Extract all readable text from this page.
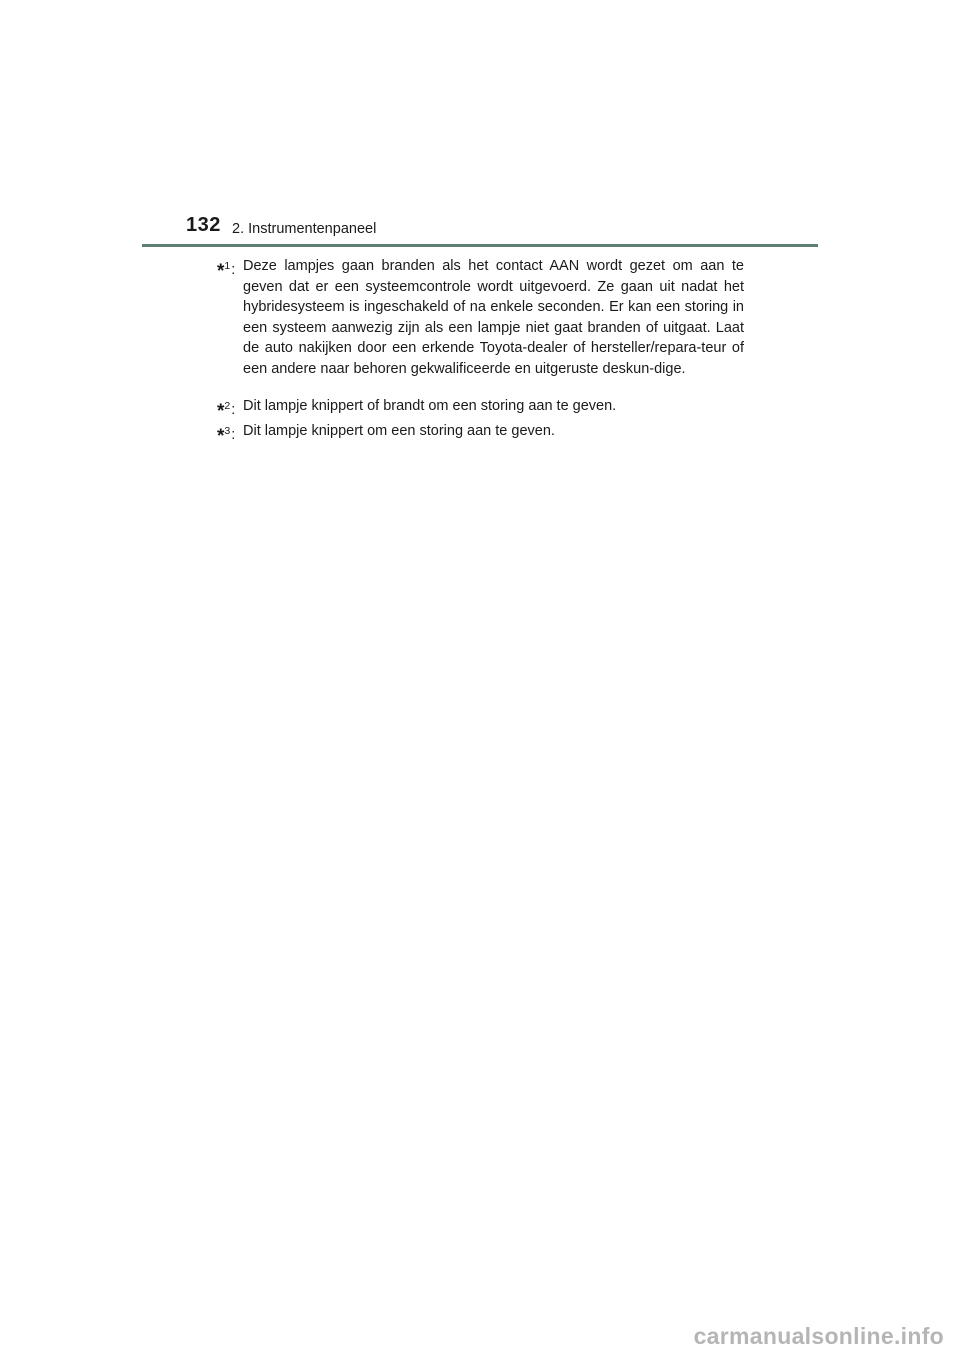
132 2. Instrumentenpaneel
*$^1$: Deze lampjes gaan branden als het contact AAN wordt gezet om aan te geven dat er een systeemcontrole wordt uitgevoerd. Ze gaan uit nadat het hybridesysteem is ingeschakeld of na enkele seconden. Er kan een storing in een systeem aanwezig zijn als een lampje niet gaat branden of uitgaat. Laat de auto nakijken door een erkende Toyota-dealer of hersteller/repara-teur of een andere naar behoren gekwalificeerde en uitgeruste deskun-dige.
*$^2$: Dit lampje knippert of brandt om een storing aan te geven.
*$^3$: Dit lampje knippert om een storing aan te geven.
carmanualsonline.info
